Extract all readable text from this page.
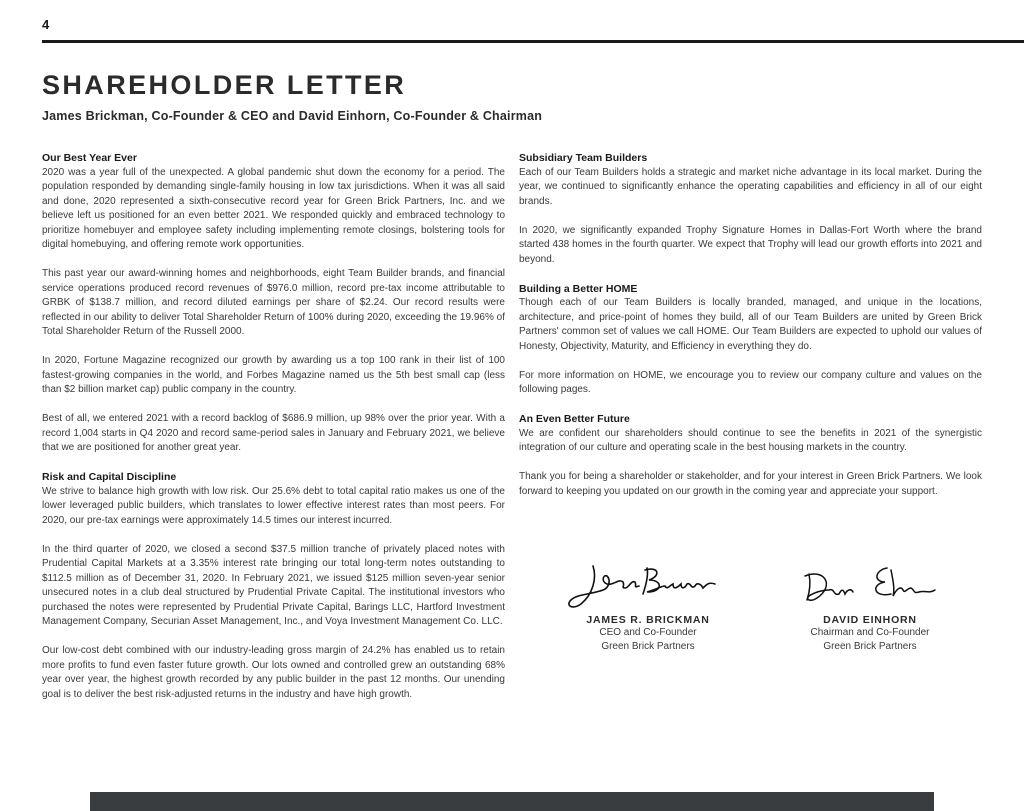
4
SHAREHOLDER LETTER
James Brickman, Co-Founder & CEO and David Einhorn, Co-Founder & Chairman
Our Best Year Ever

2020 was a year full of the unexpected. A global pandemic shut down the economy for a period. The population responded by demanding single-family housing in low tax jurisdictions. When it was all said and done, 2020 represented a sixth-consecutive record year for Green Brick Partners, Inc. and we believe left us positioned for an even better 2021. We responded quickly and embraced technology to prioritize homebuyer and employee safety including implementing remote closings, bolstering tools for digital homebuying, and offering remote work opportunities.

This past year our award-winning homes and neighborhoods, eight Team Builder brands, and financial service operations produced record revenues of $976.0 million, record pre-tax income attributable to GRBK of $138.7 million, and record diluted earnings per share of $2.24. Our record results were reflected in our ability to deliver Total Shareholder Return of 100% during 2020, exceeding the 19.96% of Total Shareholder Return of the Russell 2000.

In 2020, Fortune Magazine recognized our growth by awarding us a top 100 rank in their list of 100 fastest-growing companies in the world, and Forbes Magazine named us the 5th best small cap (less than $2 billion market cap) public company in the country.

Best of all, we entered 2021 with a record backlog of $686.9 million, up 98% over the prior year. With a record 1,004 starts in Q4 2020 and record same-period sales in January and February 2021, we believe that we are positioned for another great year.

Risk and Capital Discipline

We strive to balance high growth with low risk. Our 25.6% debt to total capital ratio makes us one of the lower leveraged public builders, which translates to lower effective interest rates than most peers. For 2020, our pre-tax earnings were approximately 14.5 times our interest incurred.

In the third quarter of 2020, we closed a second $37.5 million tranche of privately placed notes with Prudential Capital Markets at a 3.35% interest rate bringing our total long-term notes outstanding to $112.5 million as of December 31, 2020. In February 2021, we issued $125 million seven-year senior unsecured notes in a club deal structured by Prudential Private Capital. The institutional investors who purchased the notes were represented by Prudential Private Capital, Barings LLC, Hartford Investment Management Company, Securian Asset Management, Inc., and Voya Investment Management Co. LLC.

Our low-cost debt combined with our industry-leading gross margin of 24.2% has enabled us to retain more profits to fund even faster future growth. Our lots owned and controlled grew an outstanding 68% year over year, the highest growth recorded by any public builder in the past 12 months. Our unending goal is to deliver the best risk-adjusted returns in the industry and have high growth.

Subsidiary Team Builders

Each of our Team Builders holds a strategic and market niche advantage in its local market. During the year, we continued to significantly enhance the operating capabilities and efficiency in all of our eight brands.

In 2020, we significantly expanded Trophy Signature Homes in Dallas-Fort Worth where the brand started 438 homes in the fourth quarter. We expect that Trophy will lead our growth efforts into 2021 and beyond.

Building a Better HOME

Though each of our Team Builders is locally branded, managed, and unique in the locations, architecture, and price-point of homes they build, all of our Team Builders are united by Green Brick Partners' common set of values we call HOME. Our Team Builders are expected to uphold our values of Honesty, Objectivity, Maturity, and Efficiency in everything they do.

For more information on HOME, we encourage you to review our company culture and values on the following pages.

An Even Better Future

We are confident our shareholders should continue to see the benefits in 2021 of the synergistic integration of our culture and operating scale in the best housing markets in the country.

Thank you for being a shareholder or stakeholder, and for your interest in Green Brick Partners. We look forward to keeping you updated on our growth in the coming year and appreciate your support.

JAMES R. BRICKMAN
CEO and Co-Founder
Green Brick Partners
DAVID EINHORN
Chairman and Co-Founder
Green Brick Partners
